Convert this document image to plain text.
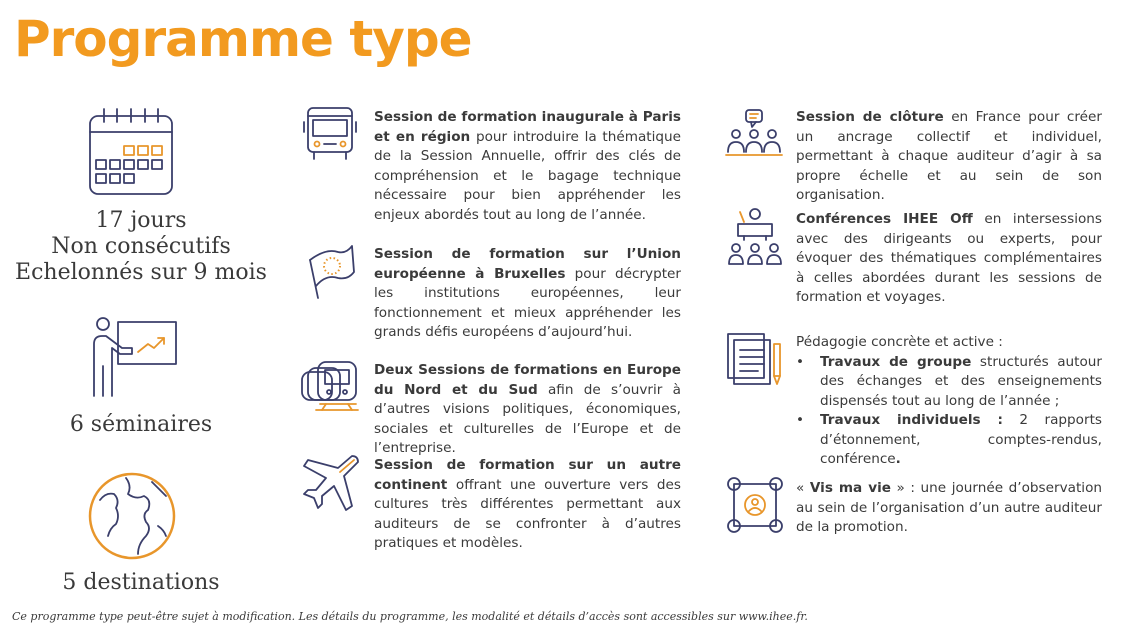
Programme type
17 jours
Non consécutifs
Echelonnés sur 9 mois
6 séminaires
5 destinations
Session de formation inaugurale à Paris et en région pour introduire la thématique de la Session Annuelle, offrir des clés de compréhension et le bagage technique nécessaire pour bien appréhender les enjeux abordés tout au long de l’année.
Session de formation sur l’Union européenne à Bruxelles pour décrypter les institutions européennes, leur fonctionnement et mieux appréhender les grands défis européens d’aujourd’hui.
Deux Sessions de formations en Europe du Nord et du Sud afin de s’ouvrir à d’autres visions politiques, économiques, sociales et culturelles de l’Europe et de l’entreprise.
Session de formation sur un autre continent offrant une ouverture vers des cultures très différentes permettant aux auditeurs de se confronter à d’autres pratiques et modèles.
Session de clôture en France pour créer un ancrage collectif et individuel, permettant à chaque auditeur d’agir à sa propre échelle et au sein de son organisation.
Conférences IHEE Off en intersessions avec des dirigeants ou experts, pour évoquer des thématiques complémentaires à celles abordées durant les sessions de formation et voyages.
Pédagogie concrète et active :
• Travaux de groupe structurés autour des échanges et des enseignements dispensés tout au long de l’année ;
• Travaux individuels : 2 rapports d’étonnement, comptes-rendus, conférence.
« Vis ma vie » : une journée d’observation au sein de l’organisation d’un autre auditeur de la promotion.
Ce programme type peut-être sujet à modification. Les détails du programme, les modalité et détails d’accès sont accessibles sur www.ihee.fr.
